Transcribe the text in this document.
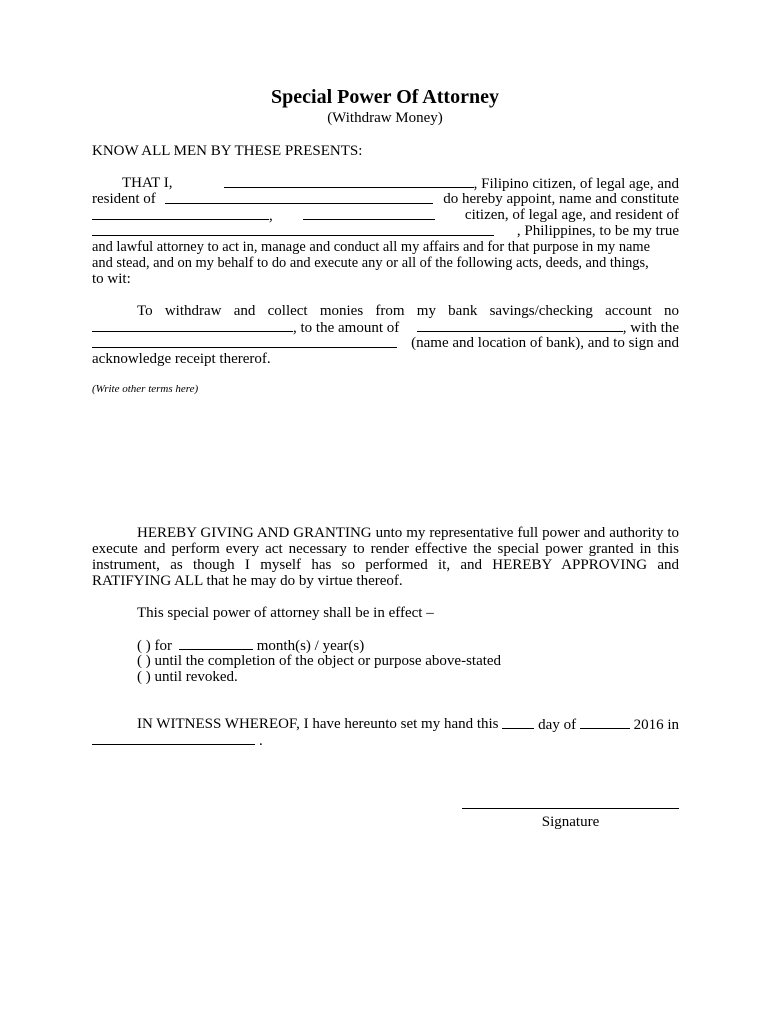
Special Power Of Attorney
(Withdraw Money)
KNOW ALL MEN BY THESE PRESENTS:
THAT I,	, Filipino citizen, of legal age, and
resident of	do hereby appoint, name and constitute
,	citizen, of legal age, and resident of
, Philippines, to be my true
and lawful attorney to act in, manage and conduct all my affairs and for that purpose in my name
and stead, and on my behalf to do and execute any or all of the following acts, deeds, and things,
to wit:
To withdraw and collect monies from my bank savings/checking account no
, to the amount of	, with the
(name and location of bank), and to sign and
acknowledge receipt thererof.
(Write other terms here)
HEREBY GIVING AND GRANTING unto my representative full power and authority to
execute and perform every act necessary to render effective the special power granted in this
instrument, as though I myself has so performed it, and HEREBY APPROVING and
RATIFYING ALL that he may do by virtue thereof.
This special power of attorney shall be in effect –
( ) for	month(s) / year(s)
( ) until the completion of the object or purpose above-stated
( ) until revoked.
IN WITNESS WHEREOF, I have hereunto set my hand this	day of	2016 in
.
Signature
